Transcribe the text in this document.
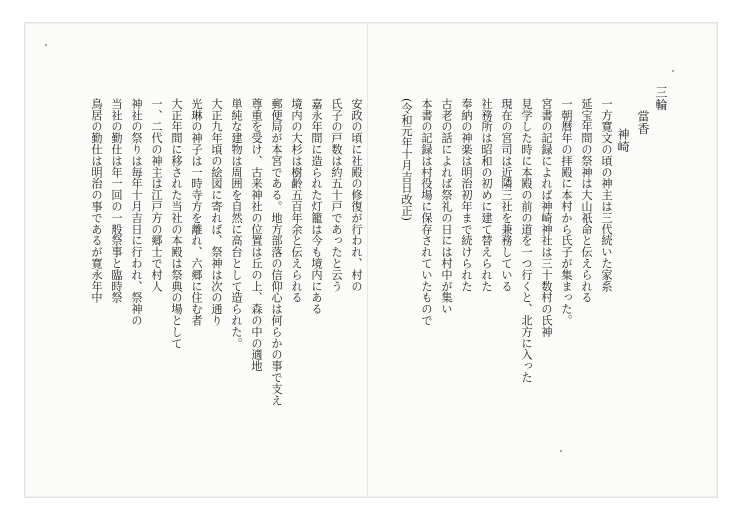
三輪
當香
神崎
(令和元年十月吉日改正) 本書の記録は村役場に保存されていたもので 古老の話によれば祭礼の日には村中が集い 奉納の神楽は明治初年まで続けられた 社務所は昭和の初めに建て替えられた 現在の宮司は近隣三社を兼務している 見学した時に本殿の前の道を一つ行くと、北方に入った 宮書の記録によれば神崎神社は三十数村の氏神 一朝暦年の拝殿に本村から氏子が集まった。 延宝年間の祭神は大山祇命と伝えられる 一方寛文の頃の神主は三代続いた家系
安政の頃に社殿の修復が行われ、村の
氏子の戸数は約五十戸であったと云う
嘉永年間に造られた灯籠は今も境内にある
境内の大杉は樹齢五百年余と伝えられる
郵便局が本宮である。地方部落の信仰心は何らかの事で支え
尊重を受け、古来神社の位置は丘の上、森の中の適地
単純な建物は周囲を自然に高台として造られた。
大正九年頃の絵図に寄れば、祭神は次の通り
光琳の神子は一時寺方を離れ、六郷に住む者
大正年間に移された当社の本殿は祭典の場として
一、二代の神主は江戸方の郷士で村人
神社の祭りは毎年十月吉日に行われ、祭神の
当社の勤仕は年一回の一般祭事と臨時祭
鳥居の勤仕は明治の事であるが寛永年中
